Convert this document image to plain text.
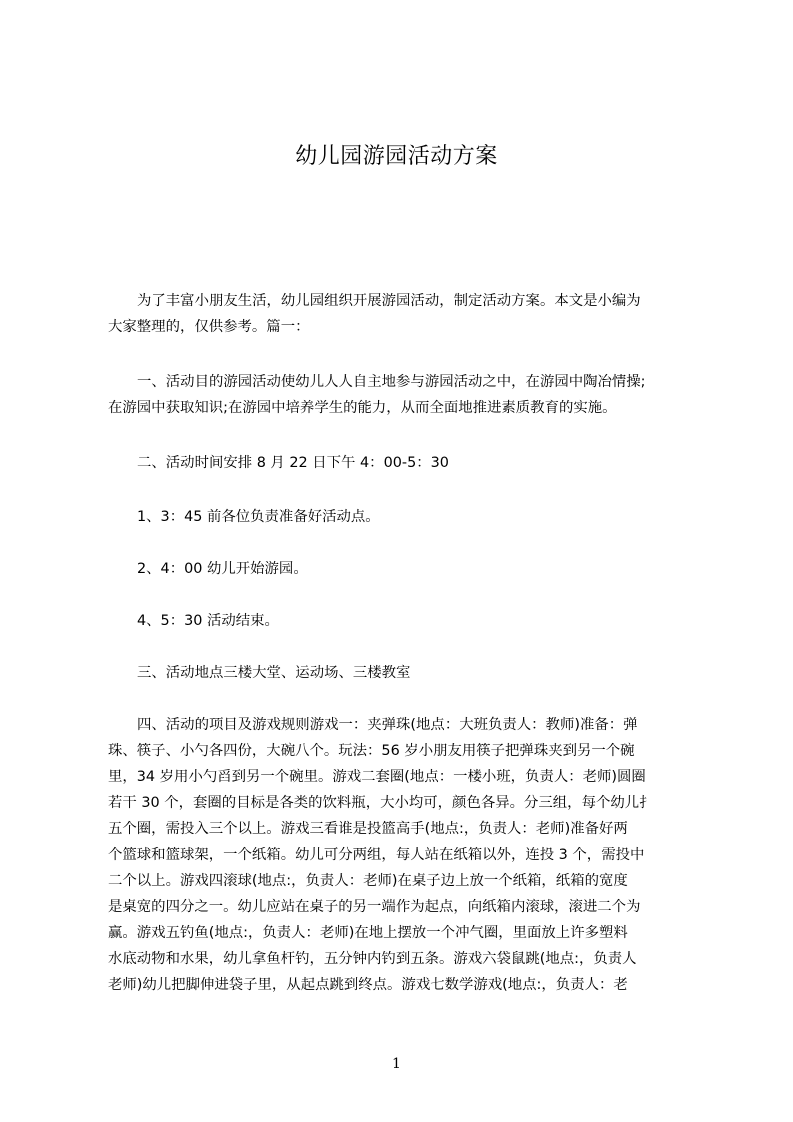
幼儿园游园活动方案
为了丰富小朋友生活，幼儿园组织开展游园活动，制定活动方案。本文是小编为
大家整理的，仅供参考。篇一：
一、活动目的游园活动使幼儿人人自主地参与游园活动之中，在游园中陶冶情操;
在游园中获取知识;在游园中培养学生的能力，从而全面地推进素质教育的实施。
二、活动时间安排 8 月 22 日下午 4：00-5：30
1、3：45 前各位负责准备好活动点。
2、4：00 幼儿开始游园。
4、5：30 活动结束。
三、活动地点三楼大堂、运动场、三楼教室
四、活动的项目及游戏规则游戏一：夹弹珠(地点：大班负责人：教师)准备：弹
珠、筷子、小勺各四份，大碗八个。玩法：56 岁小朋友用筷子把弹珠夹到另一个碗
里，34 岁用小勺舀到另一个碗里。游戏二套圈(地点：一楼小班，负责人：老师)圆圈
若干 30 个，套圈的目标是各类的饮料瓶，大小均可，颜色各异。分三组，每个幼儿扌
五个圈，需投入三个以上。游戏三看谁是投篮高手(地点:，负责人：老师)准备好两
个篮球和篮球架，一个纸箱。幼儿可分两组，每人站在纸箱以外，连投 3 个，需投中
二个以上。游戏四滚球(地点:，负责人：老师)在桌子边上放一个纸箱，纸箱的宽度
是桌宽的四分之一。幼儿应站在桌子的另一端作为起点，向纸箱内滚球，滚进二个为
赢。游戏五钓鱼(地点:，负责人：老师)在地上摆放一个冲气圈，里面放上许多塑料
水底动物和水果，幼儿拿鱼杆钓，五分钟内钓到五条。游戏六袋鼠跳(地点:，负责人
老师)幼儿把脚伸进袋子里，从起点跳到终点。游戏七数学游戏(地点:，负责人：老
1
